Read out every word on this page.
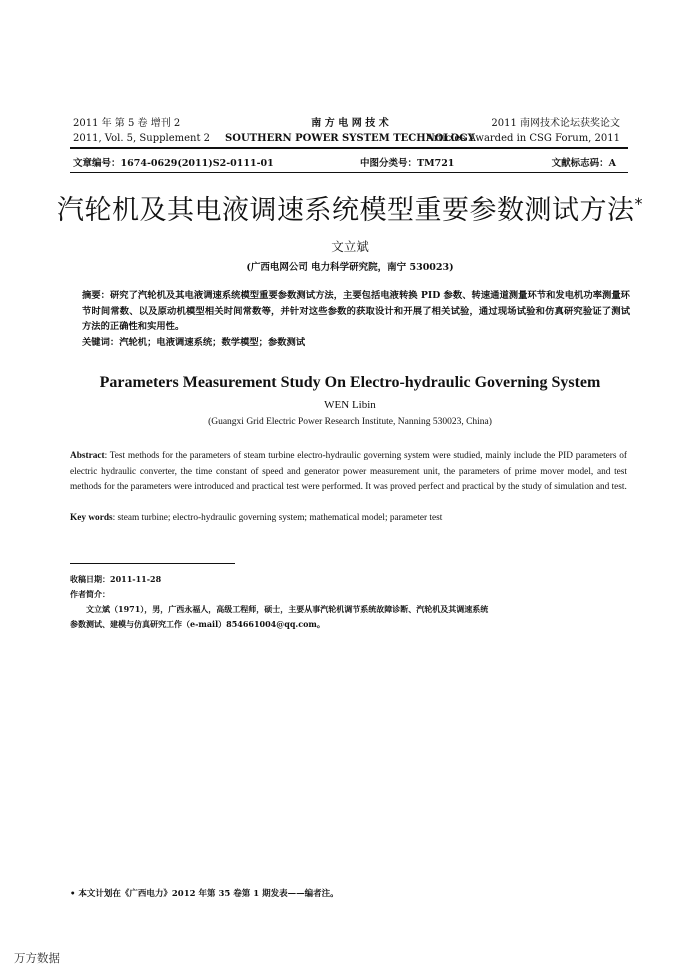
2011 年 第 5 卷 增刊 2
2011, Vol. 5, Supplement 2
南 方 电 网 技 术
SOUTHERN POWER SYSTEM TECHNOLOGY
2011 南网技术论坛获奖论文
Articles Awarded in CSG Forum, 2011
文章编号：1674-0629(2011)S2-0111-01	中图分类号：TM721	文献标志码：A
汽轮机及其电液调速系统模型重要参数测试方法*
文立斌
(广西电网公司 电力科学研究院，南宁 530023)
摘要：研究了汽轮机及其电液调速系统模型重要参数测试方法，主要包括电液转换 PID 参数、转速通道测量环节和发电机功率测量环节时间常数、以及原动机模型相关时间常数等，并针对这些参数的获取设计和开展了相关试验，通过现场试验和仿真研究验证了测试方法的正确性和实用性。
关键词：汽轮机；电液调速系统；数学模型；参数测试
Parameters Measurement Study On Electro-hydraulic Governing System
WEN Libin
(Guangxi Grid Electric Power Research Institute, Nanning 530023, China)
Abstract: Test methods for the parameters of steam turbine electro-hydraulic governing system were studied, mainly include the PID parameters of electric hydraulic converter, the time constant of speed and generator power measurement unit, the parameters of prime mover model, and test methods for the parameters were introduced and practical test were performed. It was proved perfect and practical by the study of simulation and test.
Key words: steam turbine; electro-hydraulic governing system; mathematical model; parameter test
收稿日期：2011-11-28
作者简介：
文立斌（1971），男，广西永福人，高级工程师，硕士，主要从事汽轮机调节系统故障诊断、汽轮机及其调速系统参数测试、建模与仿真研究工作（e-mail）854661004@qq.com。
• 本文计划在《广西电力》2012 年第 35 卷第 1 期发表——编者注。
万方数据
